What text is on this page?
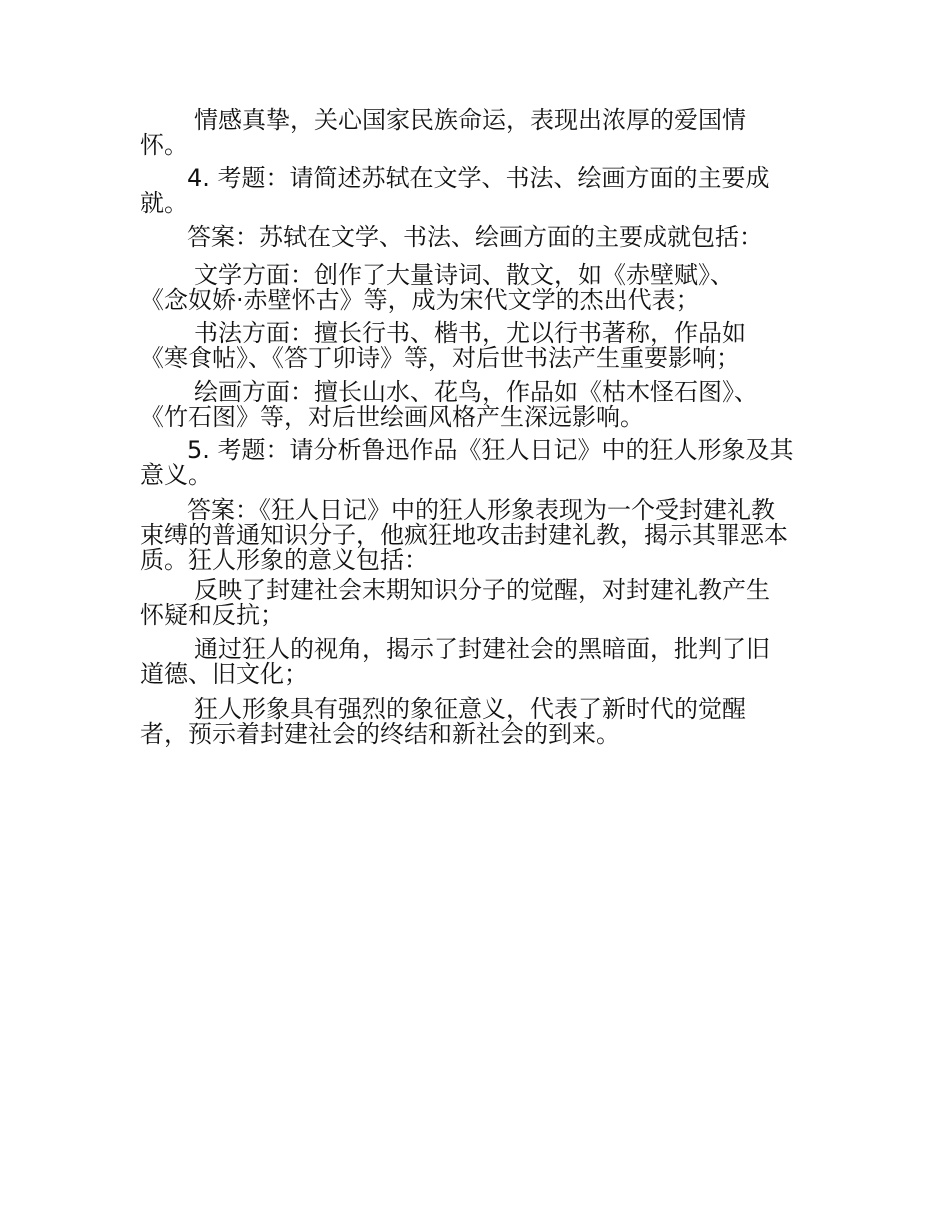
情感真挚，关心国家民族命运，表现出浓厚的爱国情
怀。

4. 考题：请简述苏轼在文学、书法、绘画方面的主要成
就。

答案：苏轼在文学、书法、绘画方面的主要成就包括：

文学方面：创作了大量诗词、散文，如《赤壁赋》、
《念奴娇·赤壁怀古》等，成为宋代文学的杰出代表；

书法方面：擅长行书、楷书，尤以行书著称，作品如
《寒食帖》、《答丁卯诗》等，对后世书法产生重要影响；

绘画方面：擅长山水、花鸟，作品如《枯木怪石图》、
《竹石图》等，对后世绘画风格产生深远影响。

5. 考题：请分析鲁迅作品《狂人日记》中的狂人形象及其
意义。

答案：《狂人日记》中的狂人形象表现为一个受封建礼教
束缚的普通知识分子，他疯狂地攻击封建礼教，揭示其罪恶本
质。狂人形象的意义包括：

反映了封建社会末期知识分子的觉醒，对封建礼教产生
怀疑和反抗；

通过狂人的视角，揭示了封建社会的黑暗面，批判了旧
道德、旧文化；

狂人形象具有强烈的象征意义，代表了新时代的觉醒
者，预示着封建社会的终结和新社会的到来。
